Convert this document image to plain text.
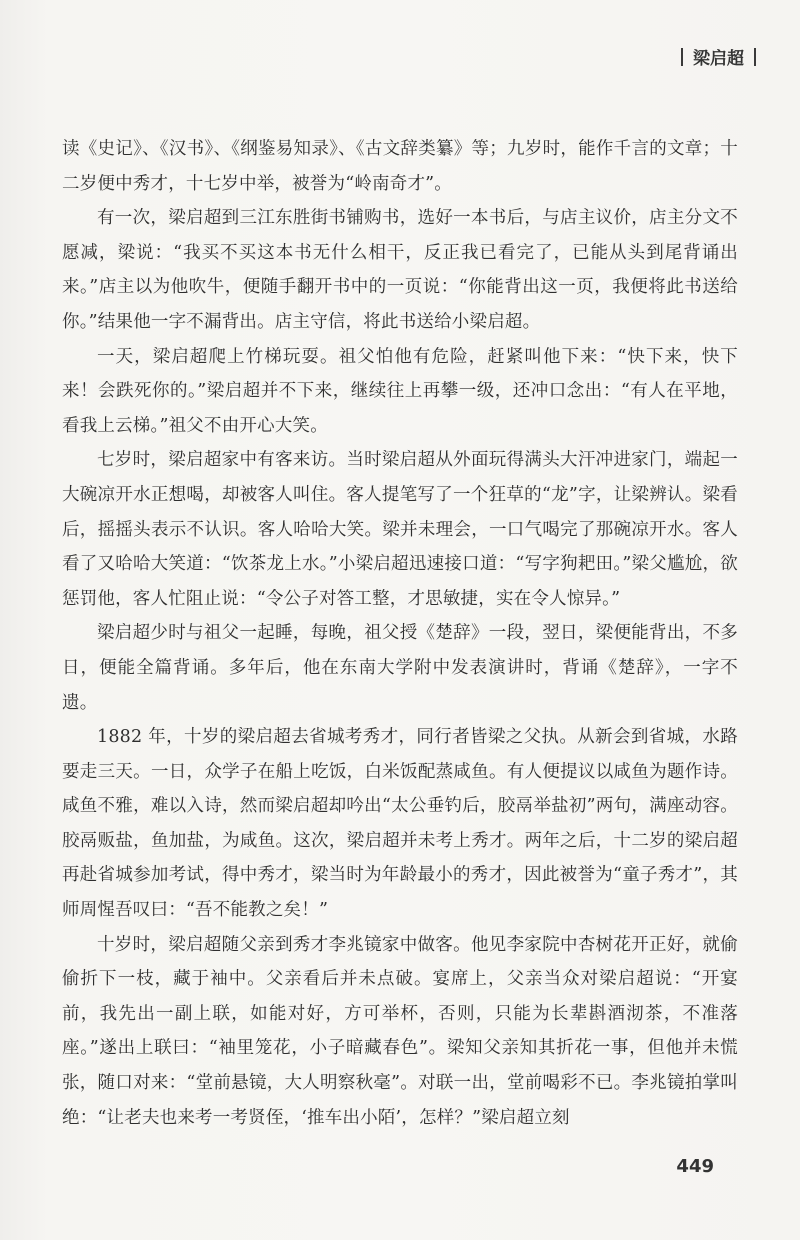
梁启超

读《史记》、《汉书》、《纲鉴易知录》、《古文辞类纂》等；九岁时，能作千言的文章；十二岁便中秀才，十七岁中举，被誉为“岭南奇才”。

有一次，梁启超到三江东胜街书铺购书，选好一本书后，与店主议价，店主分文不愿减，梁说：“我买不买这本书无什么相干，反正我已看完了，已能从头到尾背诵出来。”店主以为他吹牛，便随手翻开书中的一页说：“你能背出这一页，我便将此书送给你。”结果他一字不漏背出。店主守信，将此书送给小梁启超。

一天，梁启超爬上竹梯玩耍。祖父怕他有危险，赶紧叫他下来：“快下来，快下来！会跌死你的。”梁启超并不下来，继续往上再攀一级，还冲口念出：“有人在平地，看我上云梯。”祖父不由开心大笑。

七岁时，梁启超家中有客来访。当时梁启超从外面玩得满头大汗冲进家门，端起一大碗凉开水正想喝，却被客人叫住。客人提笔写了一个狂草的“龙”字，让梁辨认。梁看后，摇摇头表示不认识。客人哈哈大笑。梁并未理会，一口气喝完了那碗凉开水。客人看了又哈哈大笑道：“饮茶龙上水。”小梁启超迅速接口道：“写字狗耙田。”梁父尴尬，欲惩罚他，客人忙阻止说：“令公子对答工整，才思敏捷，实在令人惊异。”

梁启超少时与祖父一起睡，每晚，祖父授《楚辞》一段，翌日，梁便能背出，不多日，便能全篇背诵。多年后，他在东南大学附中发表演讲时，背诵《楚辞》，一字不遗。

1882 年，十岁的梁启超去省城考秀才，同行者皆梁之父执。从新会到省城，水路要走三天。一日，众学子在船上吃饭，白米饭配蒸咸鱼。有人便提议以咸鱼为题作诗。咸鱼不雅，难以入诗，然而梁启超却吟出“太公垂钓后，胶鬲举盐初”两句，满座动容。胶鬲贩盐，鱼加盐，为咸鱼。这次，梁启超并未考上秀才。两年之后，十二岁的梁启超再赴省城参加考试，得中秀才，梁当时为年龄最小的秀才，因此被誉为“童子秀才”，其师周惺吾叹曰：“吾不能教之矣！”

十岁时，梁启超随父亲到秀才李兆镜家中做客。他见李家院中杏树花开正好，就偷偷折下一枝，藏于袖中。父亲看后并未点破。宴席上，父亲当众对梁启超说：“开宴前，我先出一副上联，如能对好，方可举杯，否则，只能为长辈斟酒沏茶，不准落座。”遂出上联曰：“袖里笼花，小子暗藏春色”。梁知父亲知其折花一事，但他并未慌张，随口对来：“堂前悬镜，大人明察秋毫”。对联一出，堂前喝彩不已。李兆镜拍掌叫绝：“让老夫也来考一考贤侄，‘推车出小陌’，怎样？”梁启超立刻

449
